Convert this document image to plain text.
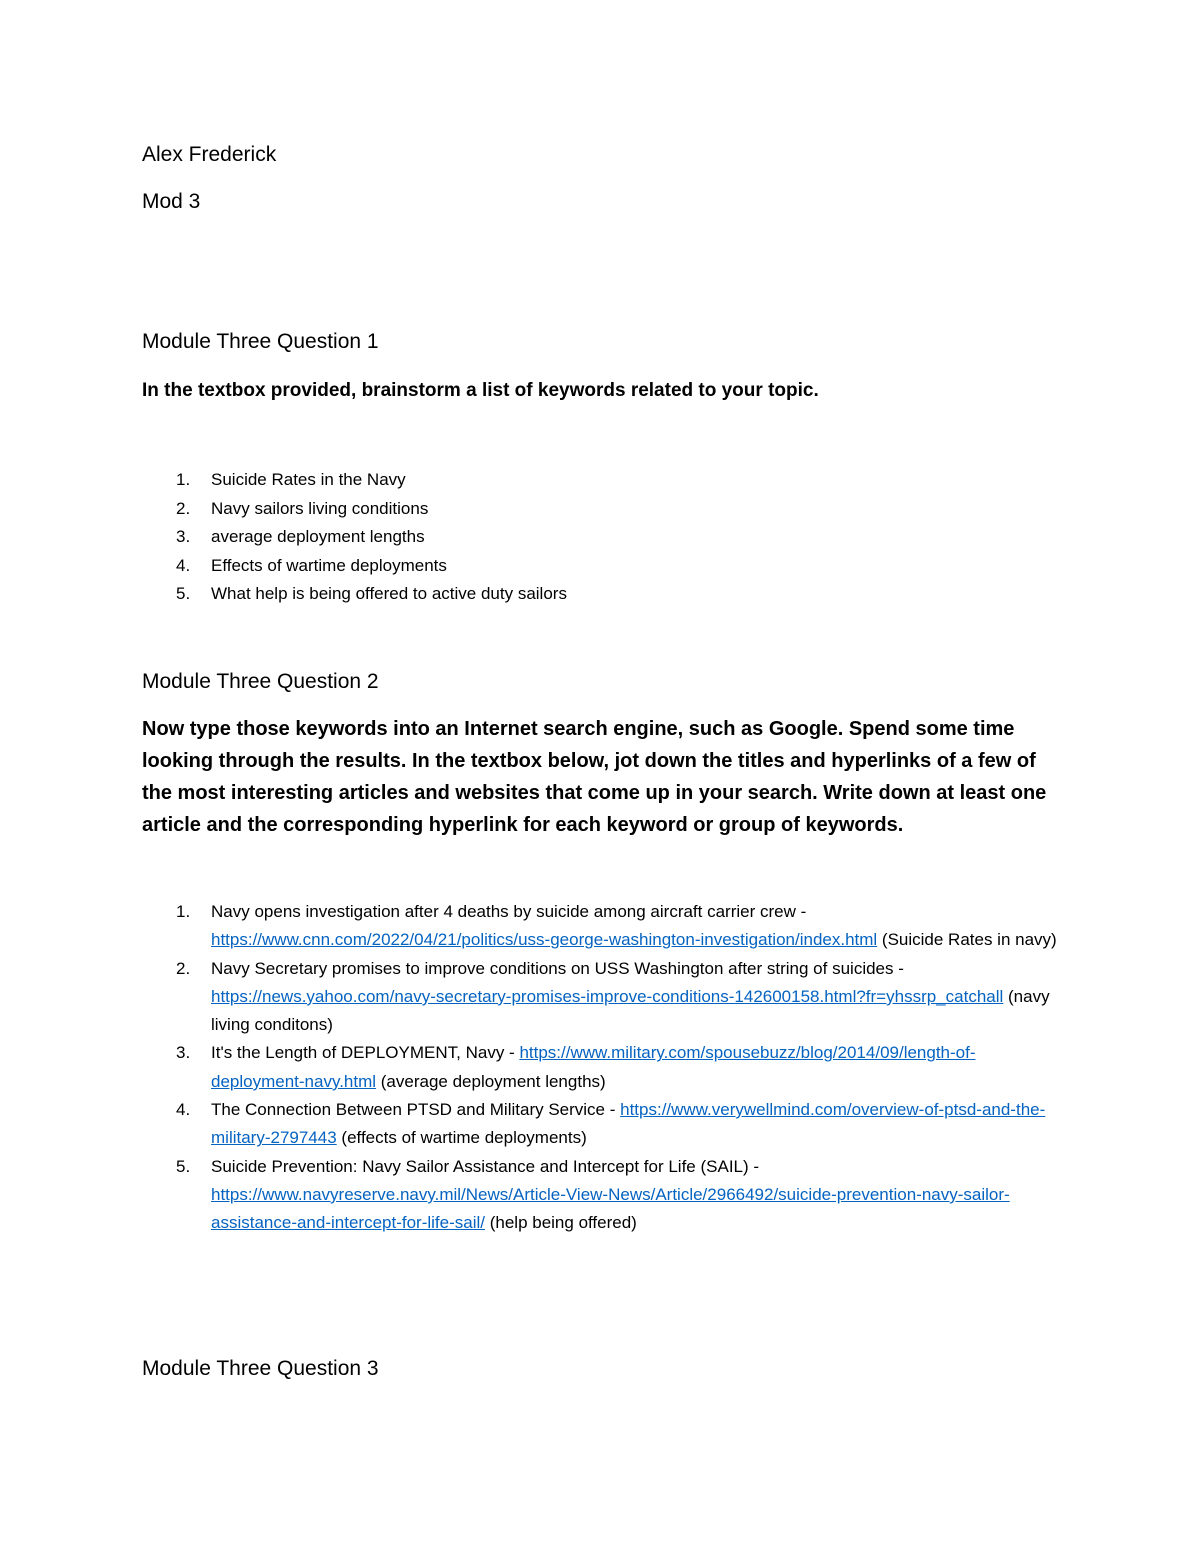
Alex Frederick

Mod 3

Module Three Question 1

In the textbox provided, brainstorm a list of keywords related to your topic.

1. Suicide Rates in the Navy
2. Navy sailors living conditions
3. average deployment lengths
4. Effects of wartime deployments
5. What help is being offered to active duty sailors

Module Three Question 2

Now type those keywords into an Internet search engine, such as Google. Spend some time looking through the results. In the textbox below, jot down the titles and hyperlinks of a few of the most interesting articles and websites that come up in your search. Write down at least one article and the corresponding hyperlink for each keyword or group of keywords.

1. Navy opens investigation after 4 deaths by suicide among aircraft carrier crew - https://www.cnn.com/2022/04/21/politics/uss-george-washington-investigation/index.html (Suicide Rates in navy)
2. Navy Secretary promises to improve conditions on USS Washington after string of suicides - https://news.yahoo.com/navy-secretary-promises-improve-conditions-142600158.html?fr=yhssrp_catchall (navy living conditons)
3. It's the Length of DEPLOYMENT, Navy - https://www.military.com/spousebuzz/blog/2014/09/length-of-deployment-navy.html (average deployment lengths)
4. The Connection Between PTSD and Military Service - https://www.verywellmind.com/overview-of-ptsd-and-the-military-2797443 (effects of wartime deployments)
5. Suicide Prevention: Navy Sailor Assistance and Intercept for Life (SAIL) - https://www.navyreserve.navy.mil/News/Article-View-News/Article/2966492/suicide-prevention-navy-sailor-assistance-and-intercept-for-life-sail/ (help being offered)

Module Three Question 3
